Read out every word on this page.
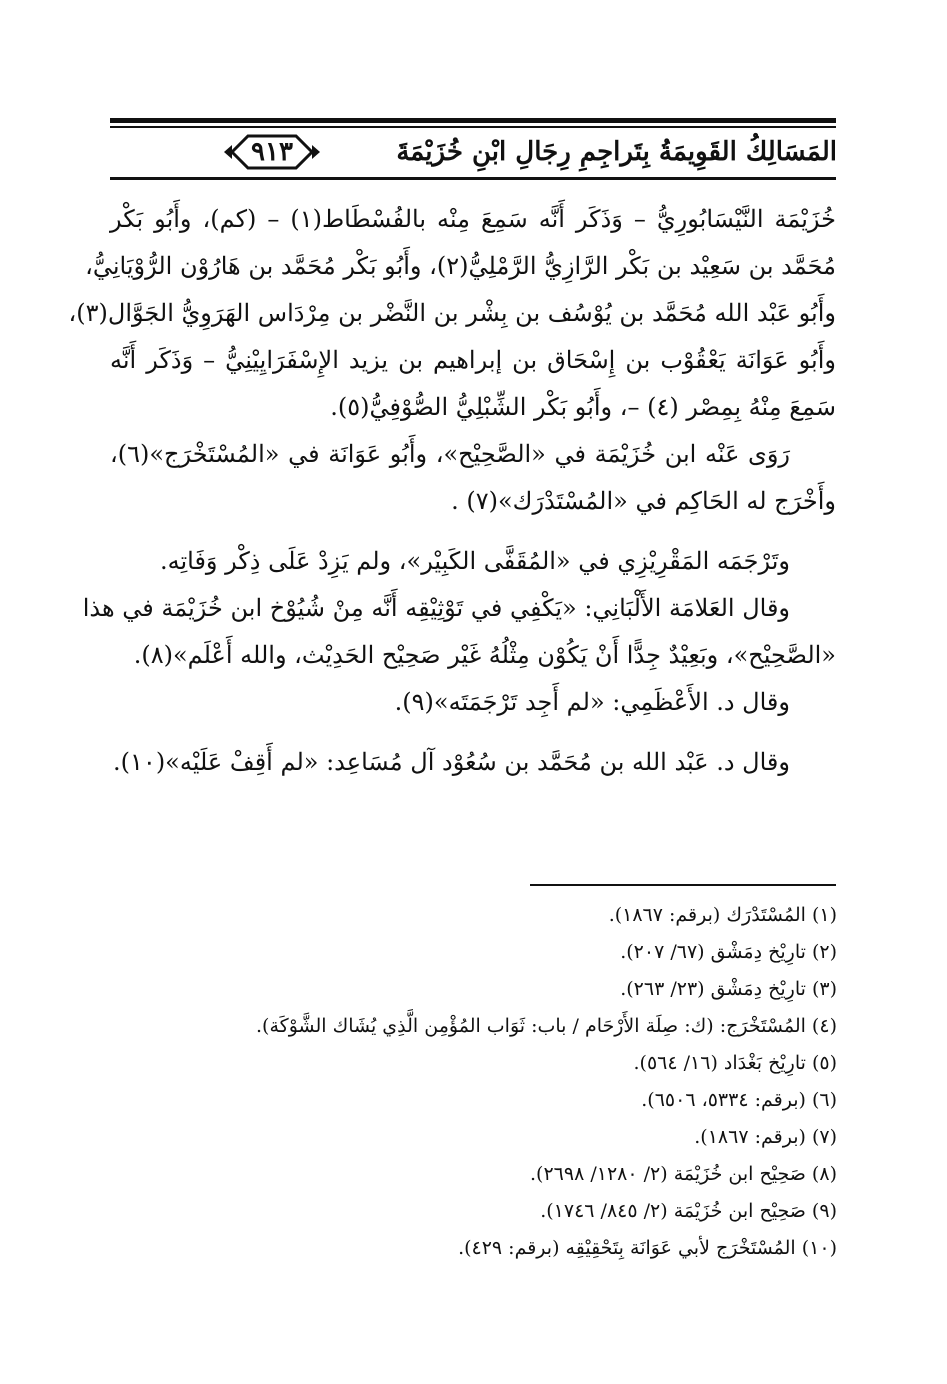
المَسَالِكُ القَوِيمَةُ بِتَراجِمِ رِجَالِ ابْنِ خُزَيْمَةَ
٩١٣
خُزَيْمَة النَّيْسَابُورِيُّ – وَذَكَر أَنَّه سَمِعَ مِنْه بالفُسْطَاط(١) – (كم)، وأَبُو بَكْر
مُحَمَّد بن سَعِيْد بن بَكْر الرَّازِيُّ الرَّمْلِيُّ(٢)، وأَبُو بَكْر مُحَمَّد بن هَارُوْن الرُّوْيَانِيُّ،
وأَبُو عَبْد الله مُحَمَّد بن يُوْسُف بن بِشْر بن النَّضْر بن مِرْدَاس الهَرَوِيُّ الجَوَّال(٣)،
وأَبُو عَوَانَة يَعْقُوْب بن إِسْحَاق بن إبراهيم بن يزيد الإِسْفَرَايِيْنِيُّ – وَذَكَر أَنَّه
سَمِعَ مِنْهُ بِمِصْر (٤) –، وأَبُو بَكْر الشِّبْلِيُّ الصُّوْفِيُّ(٥).
رَوَى عَنْه ابن خُزَيْمَة في «الصَّحِيْح»، وأَبُو عَوَانَة في «المُسْتَخْرَج»(٦)،
وأَخْرَج له الحَاكِم في «المُسْتَدْرَك»(٧) .
وتَرْجَمَه المَقْرِيْزِي في «المُقَفَّى الكَبِيْر»، ولم يَزِدْ عَلَى ذِكْر وَفَاتِه.
وقال العَلامَة الأَلْبَانِي: «يَكْفِي في تَوْثِيْقِه أَنَّه مِنْ شُيُوْخ ابن خُزَيْمَة في هذا
«الصَّحِيْح»، وبَعِيْدٌ جِدًّا أَنْ يَكُوْن مِثْلُهُ غَيْر صَحِيْح الحَدِيْث، والله أَعْلَم»(٨).
وقال د. الأَعْظَمِي: «لم أَجِد تَرْجَمَتَه»(٩).
وقال د. عَبْد الله بن مُحَمَّد بن سُعُوْد آل مُسَاعِد: «لم أَقِفْ عَلَيْه»(١٠).
(١) المُسْتَدْرَك (برقم: ١٨٦٧).
(٢) تارِيْخ دِمَشْق (٦٧/ ٢٠٧).
(٣) تارِيْخ دِمَشْق (٢٣/ ٢٦٣).
(٤) المُسْتَخْرَج: (ك: صِلَة الأَرْحَام / باب: ثَوَاب المُؤْمِن الَّذِي يُشَاك الشَّوْكَة).
(٥) تارِيْخ بَغْدَاد (١٦/ ٥٦٤).
(٦) (برقم: ٥٣٣٤، ٦٥٠٦).
(٧) (برقم: ١٨٦٧).
(٨) صَحِيْح ابن خُزَيْمَة (٢/ ١٢٨٠/ ٢٦٩٨).
(٩) صَحِيْح ابن خُزَيْمَة (٢/ ٨٤٥/ ١٧٤٦).
(١٠) المُسْتَخْرَج لأبي عَوَانَة بِتَحْقِيْقِه (برقم: ٤٢٩).
